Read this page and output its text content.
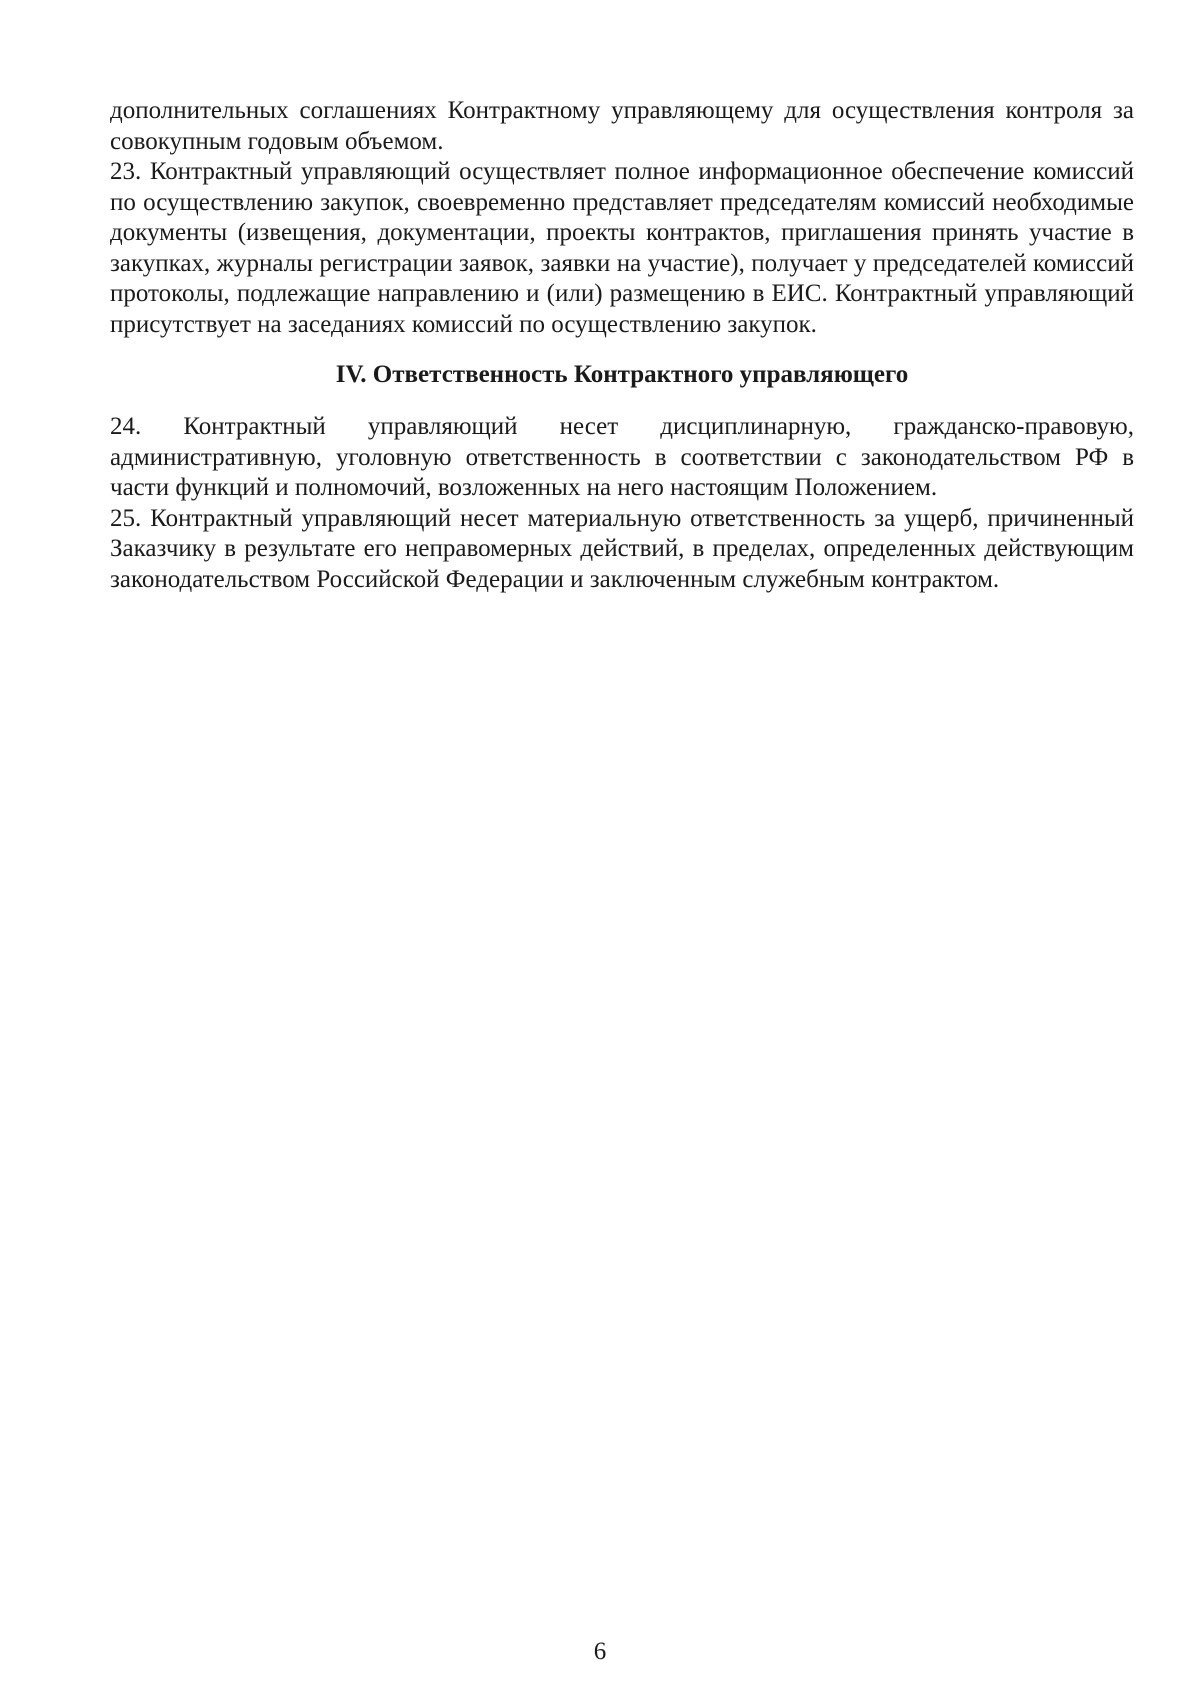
дополнительных соглашениях Контрактному управляющему для осуществления контроля за совокупным годовым объемом.

23. Контрактный управляющий осуществляет полное информационное обеспечение комиссий по осуществлению закупок, своевременно представляет председателям комиссий необходимые документы (извещения, документации, проекты контрактов, приглашения принять участие в закупках, журналы регистрации заявок, заявки на участие), получает у председателей комиссий протоколы, подлежащие направлению и (или) размещению в ЕИС. Контрактный управляющий присутствует на заседаниях комиссий по осуществлению закупок.

IV. Ответственность Контрактного управляющего

24. Контрактный управляющий несет дисциплинарную, гражданско-правовую, административную, уголовную ответственность в соответствии с законодательством РФ в части функций и полномочий, возложенных на него настоящим Положением.

25. Контрактный управляющий несет материальную ответственность за ущерб, причиненный Заказчику в результате его неправомерных действий, в пределах, определенных действующим законодательством Российской Федерации и заключенным служебным контрактом.

6
